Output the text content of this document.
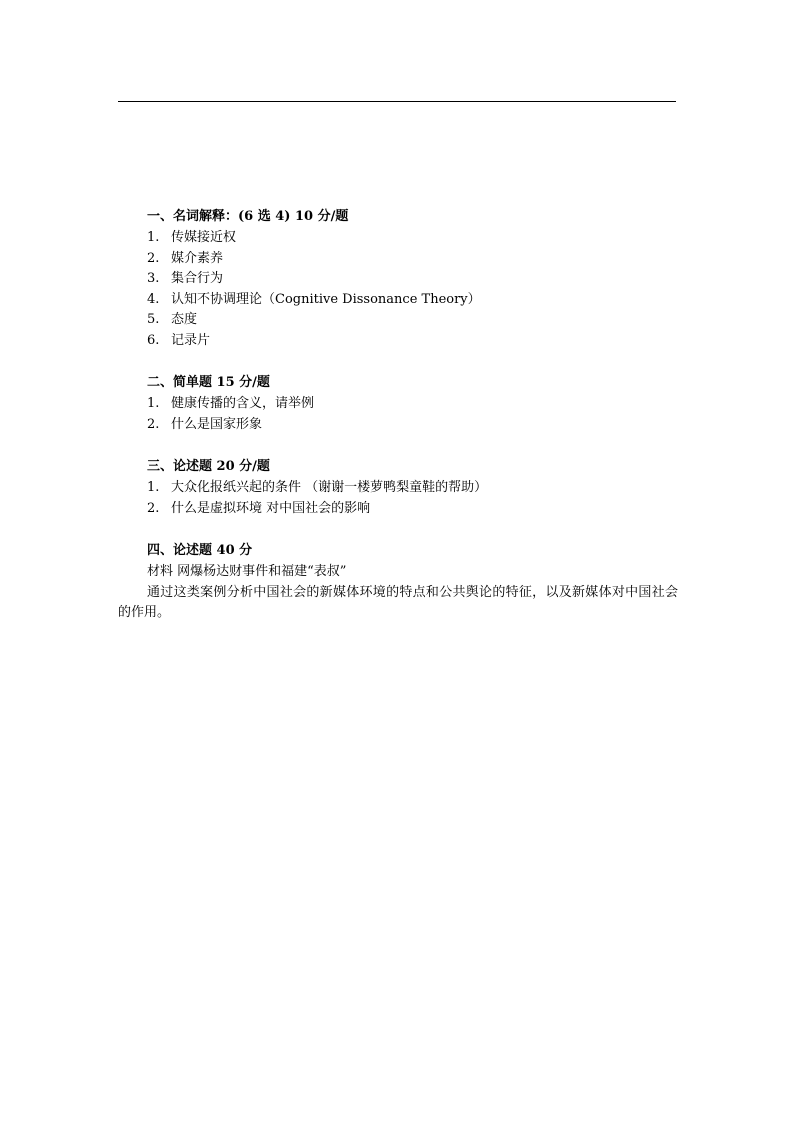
一、名词解释：(6 选 4) 10 分/题
1. 传媒接近权
2. 媒介素养
3. 集合行为
4. 认知不协调理论（Cognitive Dissonance Theory）
5. 态度
6. 记录片
二、简单题 15 分/题
1. 健康传播的含义，请举例
2. 什么是国家形象
三、论述题 20 分/题
1. 大众化报纸兴起的条件 （谢谢一楼萝鸭梨童鞋的帮助）
2. 什么是虚拟环境 对中国社会的影响
四、论述题 40 分
材料 网爆杨达财事件和福建“表叔”
通过这类案例分析中国社会的新媒体环境的特点和公共舆论的特征，以及新媒体对中国社会的作用。
